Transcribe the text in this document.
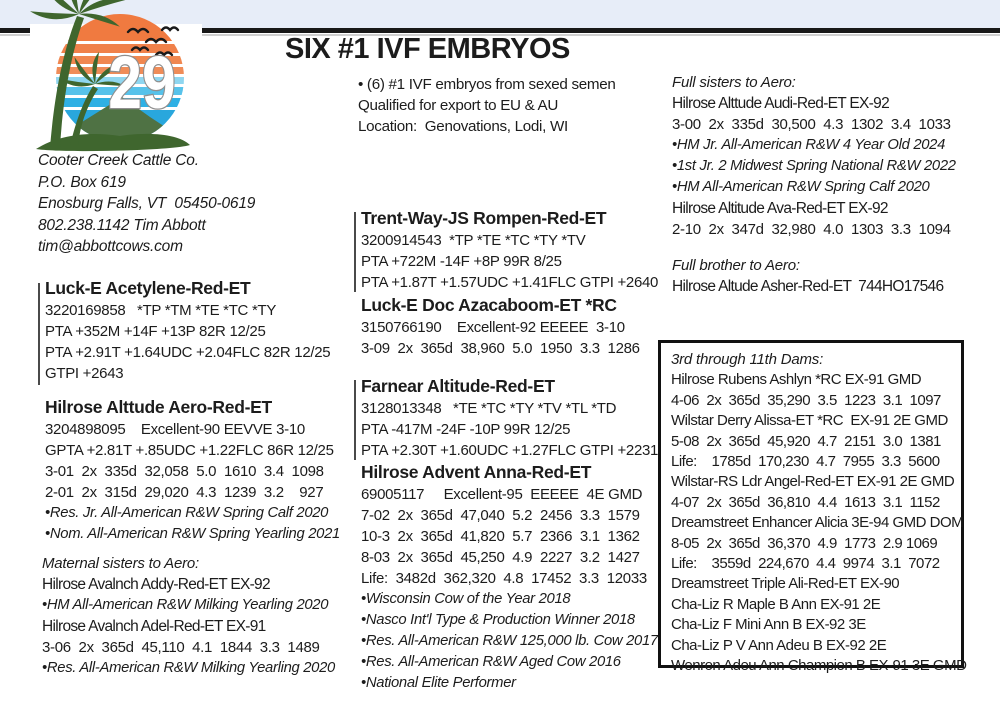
29	SIX #1 IVF EMBRYOS
• (6) #1 IVF embryos from sexed semen
Qualified for export to EU & AU
Location:  Genovations, Lodi, WI
Cooter Creek Cattle Co.
P.O. Box 619
Enosburg Falls, VT  05450-0619
802.238.1142 Tim Abbott
tim@abbottcows.com
Luck-E Acetylene-Red-ET
3220169858   *TP *TM *TE *TC *TY
PTA +352M +14F +13P 82R 12/25
PTA +2.91T +1.64UDC +2.04FLC 82R 12/25
GTPI +2643
Hilrose Alttude Aero-Red-ET
3204898095    Excellent-90 EEVVE 3-10
GPTA +2.81T +.85UDC +1.22FLC 86R 12/25
3-01  2x  335d  32,058  5.0  1610  3.4  1098
2-01  2x  315d  29,020  4.3  1239  3.2    927
•Res. Jr. All-American R&W Spring Calf 2020
•Nom. All-American R&W Spring Yearling 2021
Maternal sisters to Aero:
Hilrose Avalnch Addy-Red-ET EX-92
•HM All-American R&W Milking Yearling 2020
Hilrose Avalnch Adel-Red-ET EX-91
3-06  2x  365d  45,110  4.1  1844  3.3  1489
•Res. All-American R&W Milking Yearling 2020
Trent-Way-JS Rompen-Red-ET
3200914543  *TP *TE *TC *TY *TV
PTA +722M -14F +8P 99R 8/25
PTA +1.87T +1.57UDC +1.41FLC GTPI +2640
Luck-E Doc Azacaboom-ET *RC
3150766190    Excellent-92 EEEEE  3-10
3-09  2x  365d  38,960  5.0  1950  3.3  1286
Farnear Altitude-Red-ET
3128013348   *TE *TC *TY *TV *TL *TD
PTA -417M -24F -10P 99R 12/25
PTA +2.30T +1.60UDC +1.27FLC GTPI +2231
Hilrose Advent Anna-Red-ET
69005117     Excellent-95  EEEEE  4E GMD
7-02  2x  365d  47,040  5.2  2456  3.3  1579
10-3  2x  365d  41,820  5.7  2366  3.1  1362
8-03  2x  365d  45,250  4.9  2227  3.2  1427
Life:  3482d  362,320  4.8  17452  3.3  12033
•Wisconsin Cow of the Year 2018
•Nasco Int'l Type & Production Winner 2018
•Res. All-American R&W 125,000 lb. Cow 2017
•Res. All-American R&W Aged Cow 2016
•National Elite Performer
Full sisters to Aero:
Hilrose Alttude Audi-Red-ET EX-92
3-00  2x  335d  30,500  4.3  1302  3.4  1033
•HM Jr. All-American R&W 4 Year Old 2024
•1st Jr. 2 Midwest Spring National R&W 2022
•HM All-American R&W Spring Calf 2020
Hilrose Altitude Ava-Red-ET EX-92
2-10  2x  347d  32,980  4.0  1303  3.3  1094
Full brother to Aero:
Hilrose Altude Asher-Red-ET  744HO17546
3rd through 11th Dams:
Hilrose Rubens Ashlyn *RC EX-91 GMD
4-06  2x  365d  35,290  3.5  1223  3.1  1097
Wilstar Derry Alissa-ET *RC  EX-91 2E GMD
5-08  2x  365d  45,920  4.7  2151  3.0  1381
Life:    1785d  170,230  4.7  7955  3.3  5600
Wilstar-RS Ldr Angel-Red-ET EX-91 2E GMD
4-07  2x  365d  36,810  4.4  1613  3.1  1152
Dreamstreet Enhancer Alicia 3E-94 GMD DOM
8-05  2x  365d  36,370  4.9  1773  2.9 1069
Life:    3559d  224,670  4.4  9974  3.1  7072
Dreamstreet Triple Ali-Red-ET EX-90
Cha-Liz R Maple B Ann EX-91 2E
Cha-Liz F Mini Ann B EX-92 3E
Cha-Liz P V Ann Adeu B EX-92 2E
Wenron Adeu Ann Champion B EX-91 3E GMD
